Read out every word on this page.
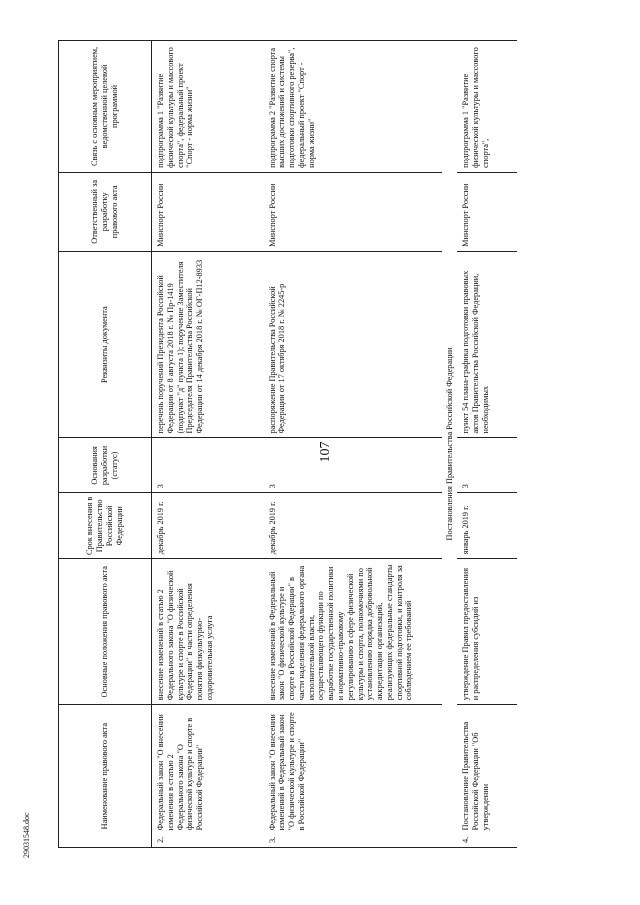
107
29031548.doc
Наименование правового акта		Основные положения правового акта	Срок внесения в Правительство Российской Федерации	Основания разработки (статус)	Реквизиты документа	Ответственный за разработку правового акта	Связь с основным мероприятием, ведомственной целевой программой
2.	Федеральный закон "О внесении изменения в статью 2 Федерального закона "О физической культуре и спорте в Российской Федерации"	внесение изменений в статью 2 Федерального закона "О физической культуре и спорте в Российской Федерации" в части определения понятия физкультурно-оздоровительная услуга	декабрь 2019 г.	3	перечень поручений Президента Российской Федерации от 8 августа 2018 г. № Пр-1419 (подпункт "д" пункта 1); поручение Заместителя Председателя Правительства Российской Федерации от 14 декабря 2018 г. № ОГ-П12-8933	Минспорт России	подпрограмма 1 "Развитие физической культуры и массового спорта", федеральный проект "Спорт - норма жизни"
3.	Федеральный закон "О внесении изменений в Федеральный закон "О физической культуре и спорте в Российской Федерации"	внесение изменений в Федеральный закон "О физической культуре и спорте в Российской Федерации" в части наделения федерального органа исполнительной власти, осуществляющего функции по выработке государственной политики и нормативно-правовому регулированию в сфере физической культуры и спорта, полномочиями по установлению порядка добровольной аккредитации организаций, реализующих федеральные стандарты спортивной подготовки, и контроля за соблюдением ее требований	декабрь 2019 г.	3	распоряжение Правительства Российской Федерации от 17 октября 2018 г. № 2245-р	Минспорт России	подпрограмма 2 "Развитие спорта высших достижений и системы подготовки спортивного резерва", федеральный проект "Спорт - норма жизни"
Постановления Правительства Российской Федерации							
4.	Постановление Правительства Российской Федерации "Об утверждении	утверждение Правил предоставления и распределения субсидий из	январь 2019 г.	3	пункт 54 плана-графика подготовки правовых актов Правительства Российской Федерации, необходимых	Минспорт России	подпрограмма 1 "Развитие физической культуры и массового спорта",
